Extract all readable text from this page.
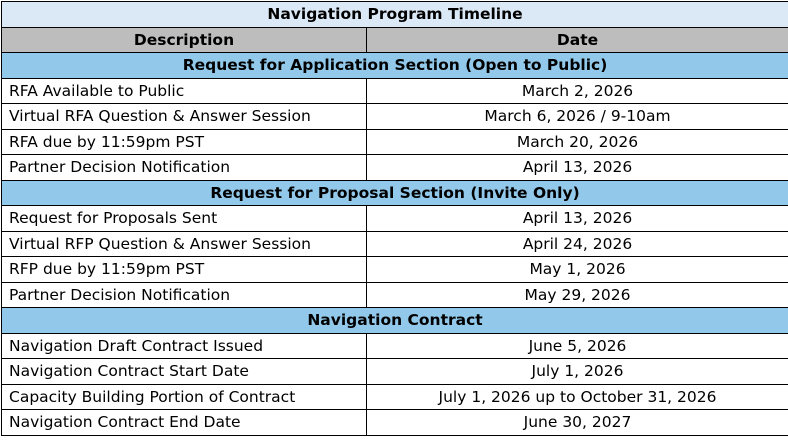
Navigation Program Timeline	
Description	Date
Request for Application Section (Open to Public)	
RFA Available to Public	March 2, 2026
Virtual RFA Question & Answer Session	March 6, 2026 / 9-10am
RFA due by 11:59pm PST	March 20, 2026
Partner Decision Notification	April 13, 2026
Request for Proposal Section (Invite Only)	
Request for Proposals Sent	April 13, 2026
Virtual RFP Question & Answer Session	April 24, 2026
RFP due by 11:59pm PST	May 1, 2026
Partner Decision Notification	May 29, 2026
Navigation Contract	
Navigation Draft Contract Issued	June 5, 2026
Navigation Contract Start Date	July 1, 2026
Capacity Building Portion of Contract	July 1, 2026 up to October 31, 2026
Navigation Contract End Date	June 30, 2027
